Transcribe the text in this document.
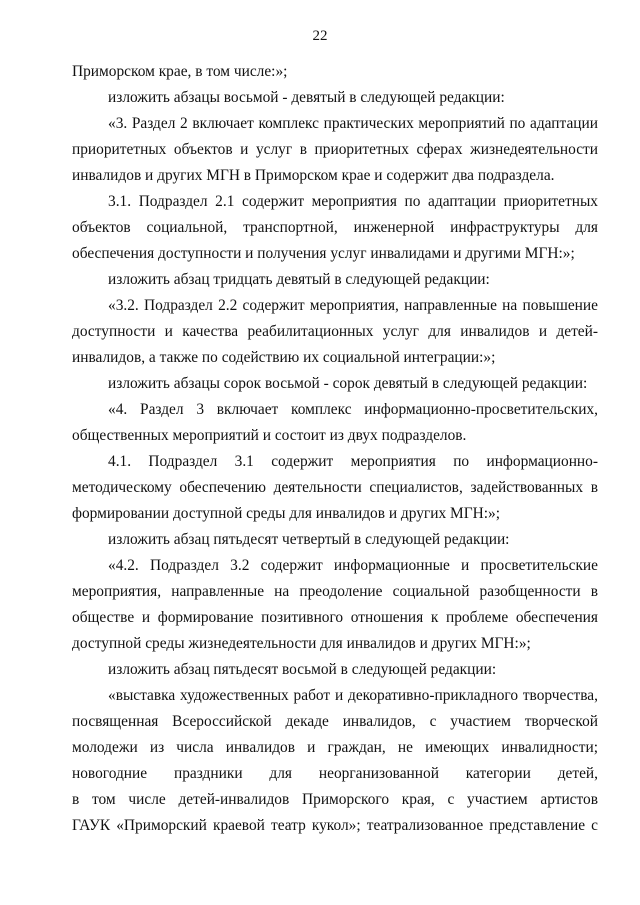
22
Приморском крае, в том числе:»;
изложить абзацы восьмой - девятый в следующей редакции:
«3. Раздел 2 включает комплекс практических мероприятий по адаптации
приоритетных объектов и услуг в приоритетных сферах жизнедеятельности
инвалидов и других МГН в Приморском крае и содержит два подраздела.
3.1. Подраздел 2.1 содержит мероприятия по адаптации приоритетных
объектов социальной, транспортной, инженерной инфраструктуры для
обеспечения доступности и получения услуг инвалидами и другими МГН:»;
изложить абзац тридцать девятый в следующей редакции:
«3.2. Подраздел 2.2 содержит мероприятия, направленные на повышение
доступности и качества реабилитационных услуг для инвалидов и детей-
инвалидов, а также по содействию их социальной интеграции:»;
изложить абзацы сорок восьмой - сорок девятый в следующей редакции:
«4. Раздел 3 включает комплекс информационно-просветительских,
общественных мероприятий и состоит из двух подразделов.
4.1. Подраздел 3.1 содержит мероприятия по информационно-
методическому обеспечению деятельности специалистов, задействованных в
формировании доступной среды для инвалидов и других МГН:»;
изложить абзац пятьдесят четвертый в следующей редакции:
«4.2. Подраздел 3.2 содержит информационные и просветительские
мероприятия, направленные на преодоление социальной разобщенности в
обществе и формирование позитивного отношения к проблеме обеспечения
доступной среды жизнедеятельности для инвалидов и других МГН:»;
изложить абзац пятьдесят восьмой в следующей редакции:
«выставка художественных работ и декоративно-прикладного творчества,
посвященная Всероссийской декаде инвалидов, с участием творческой
молодежи из числа инвалидов и граждан, не имеющих инвалидности;
новогодние праздники для неорганизованной категории детей,
в том числе детей-инвалидов Приморского края, с участием артистов
ГАУК «Приморский краевой театр кукол»; театрализованное представление с
